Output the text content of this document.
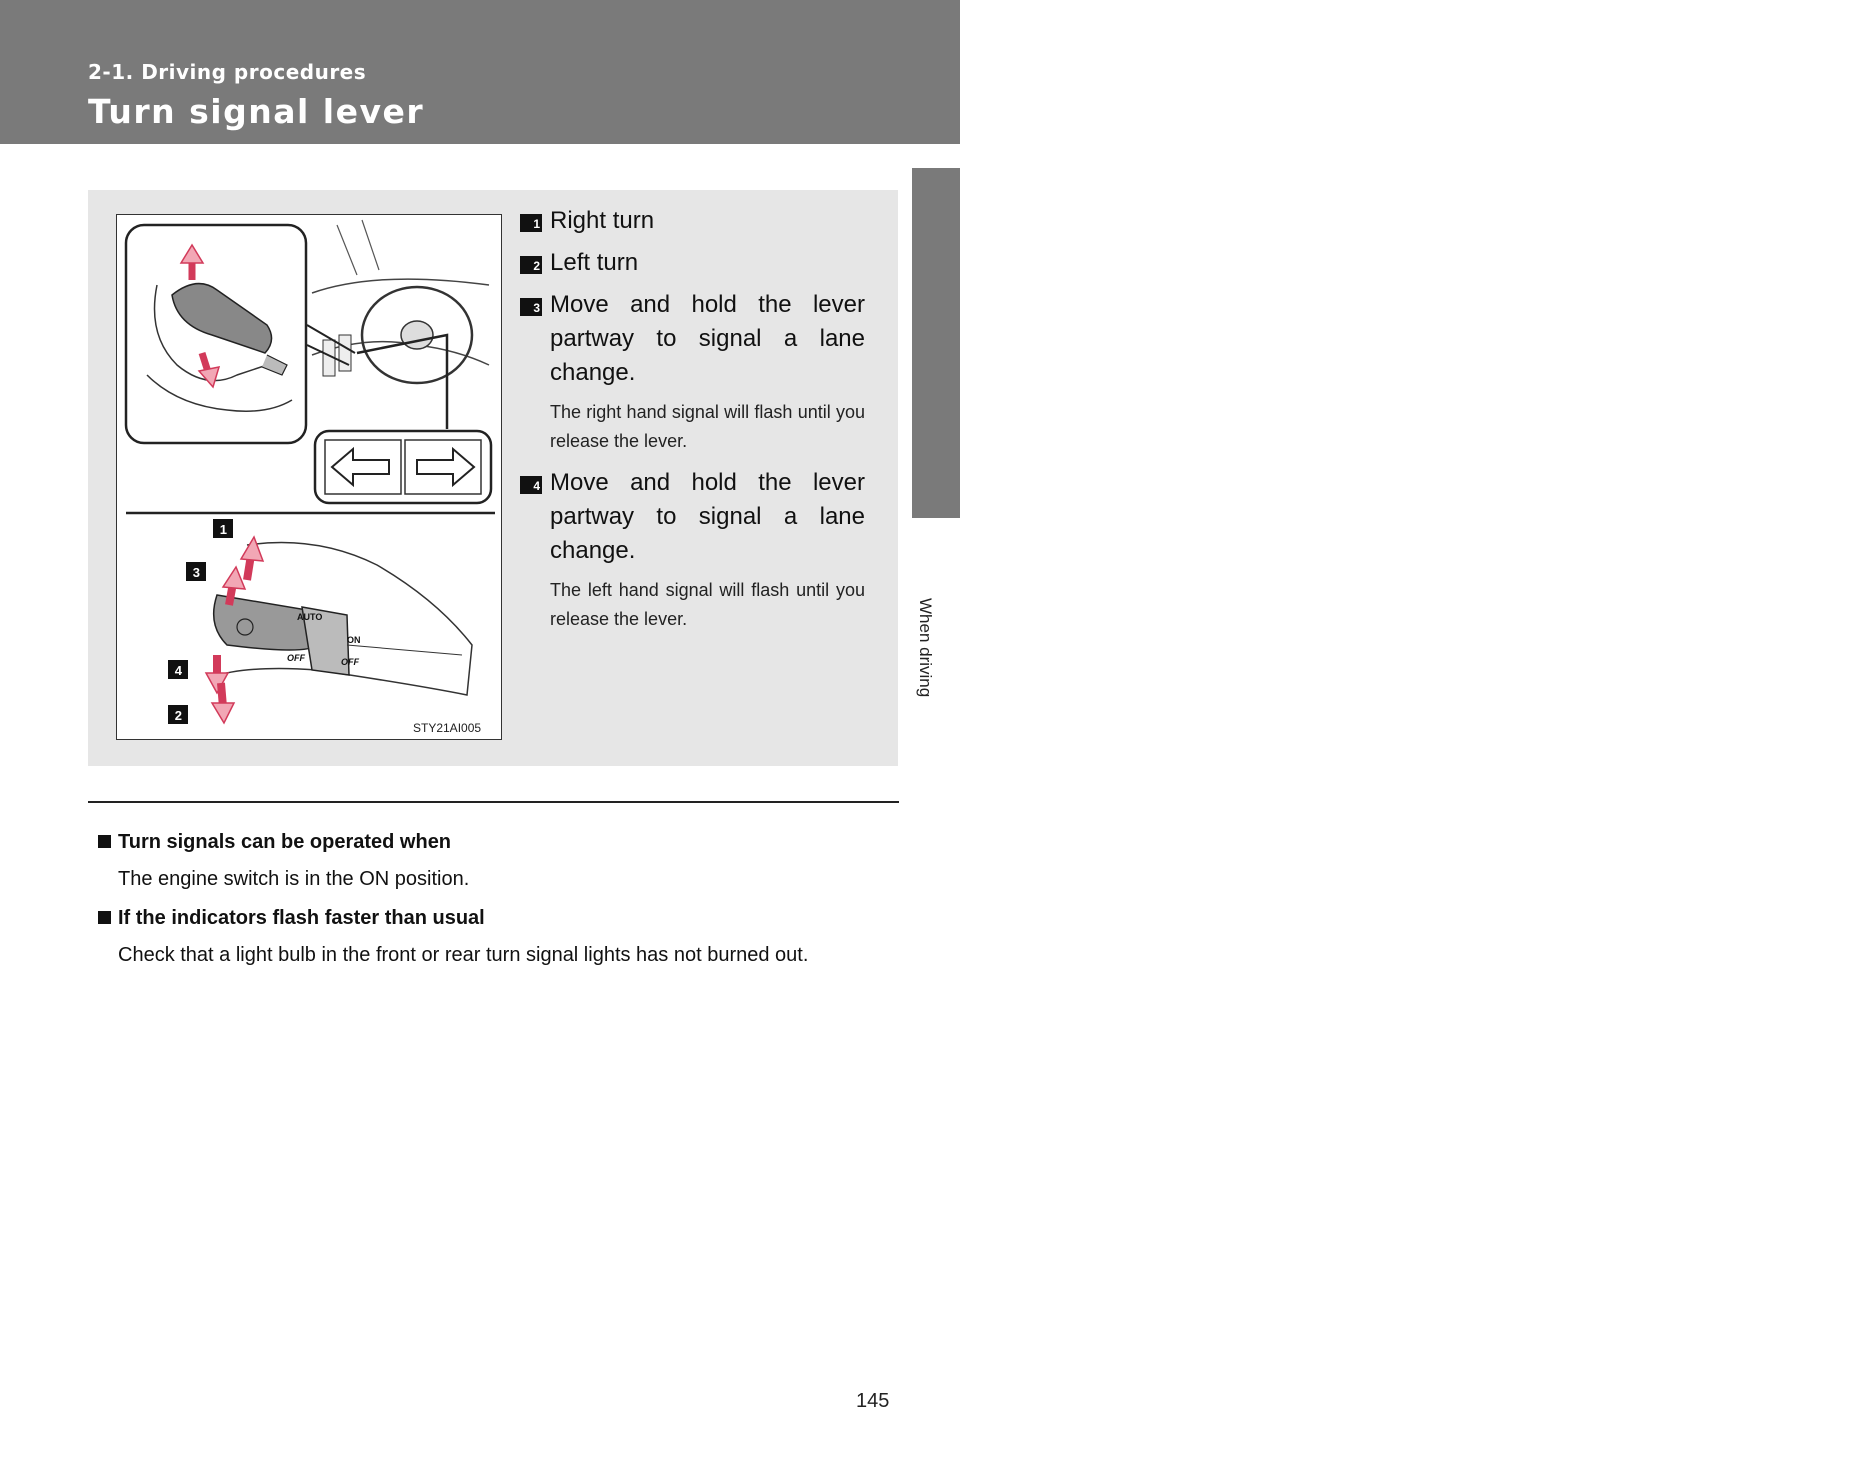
2-1. Driving procedures
Turn signal lever
2
When driving
1
3
4
2
AUTO
ON
OFF	OFF
STY21AI005
1 Right turn
2 Left turn
3 Move and hold the lever partway to signal a lane change.
The right hand signal will flash until you release the lever.
4 Move and hold the lever partway to signal a lane change.
The left hand signal will flash until you release the lever.
Turn signals can be operated when
The engine switch is in the ON position.
If the indicators flash faster than usual
Check that a light bulb in the front or rear turn signal lights has not burned out.
145
